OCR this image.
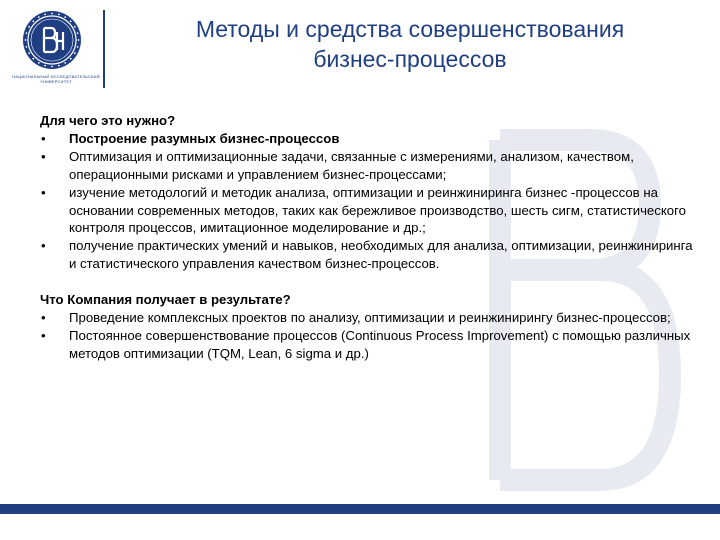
НАЦИОНАЛЬНЫЙ ИССЛЕДОВАТЕЛЬСКИЙ
УНИВЕРСИТЕТ
Методы и средства совершенствования
бизнес-процессов
Для чего это нужно?
• Построение разумных бизнес-процессов
• Оптимизация и оптимизационные задачи, связанные с измерениями, анализом, качеством, операционными рисками и управлением бизнес-процессами;
• изучение методологий и методик анализа, оптимизации и реинжиниринга бизнес -процессов на основании современных методов, таких как бережливое производство, шесть сигм, статистического контроля процессов, имитационное моделирование и др.;
• получение практических умений и навыков, необходимых для анализа, оптимизации, реинжиниринга и статистического управления качеством бизнес-процессов.
Что Компания получает в результате?
• Проведение комплексных проектов по анализу, оптимизации и реинжинирингу бизнес-процессов;
• Постоянное совершенствование процессов (Continuous Process Improvement) с помощью различных методов оптимизации (TQM, Lean, 6 sigma и др.)
